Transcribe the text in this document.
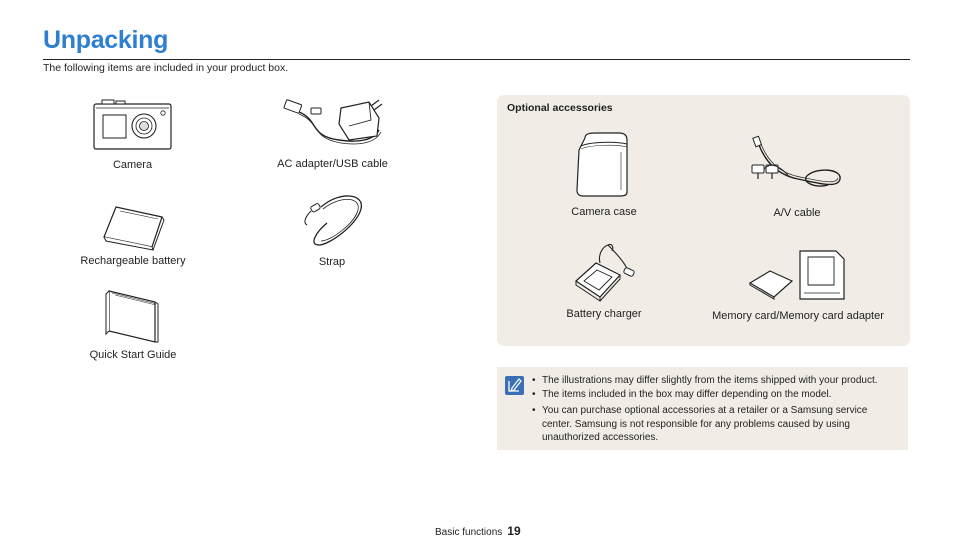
Unpacking
The following items are included in your product box.
Camera	AC adapter/USB cable
Rechargeable battery	Strap
Quick Start Guide
Optional accessories
Camera case	A/V cable
Battery charger	Memory card/Memory card adapter
• The illustrations may differ slightly from the items shipped with your product.
• The items included in the box may differ depending on the model.
• You can purchase optional accessories at a retailer or a Samsung service center. Samsung is not responsible for any problems caused by using unauthorized accessories.
Basic functions 19
